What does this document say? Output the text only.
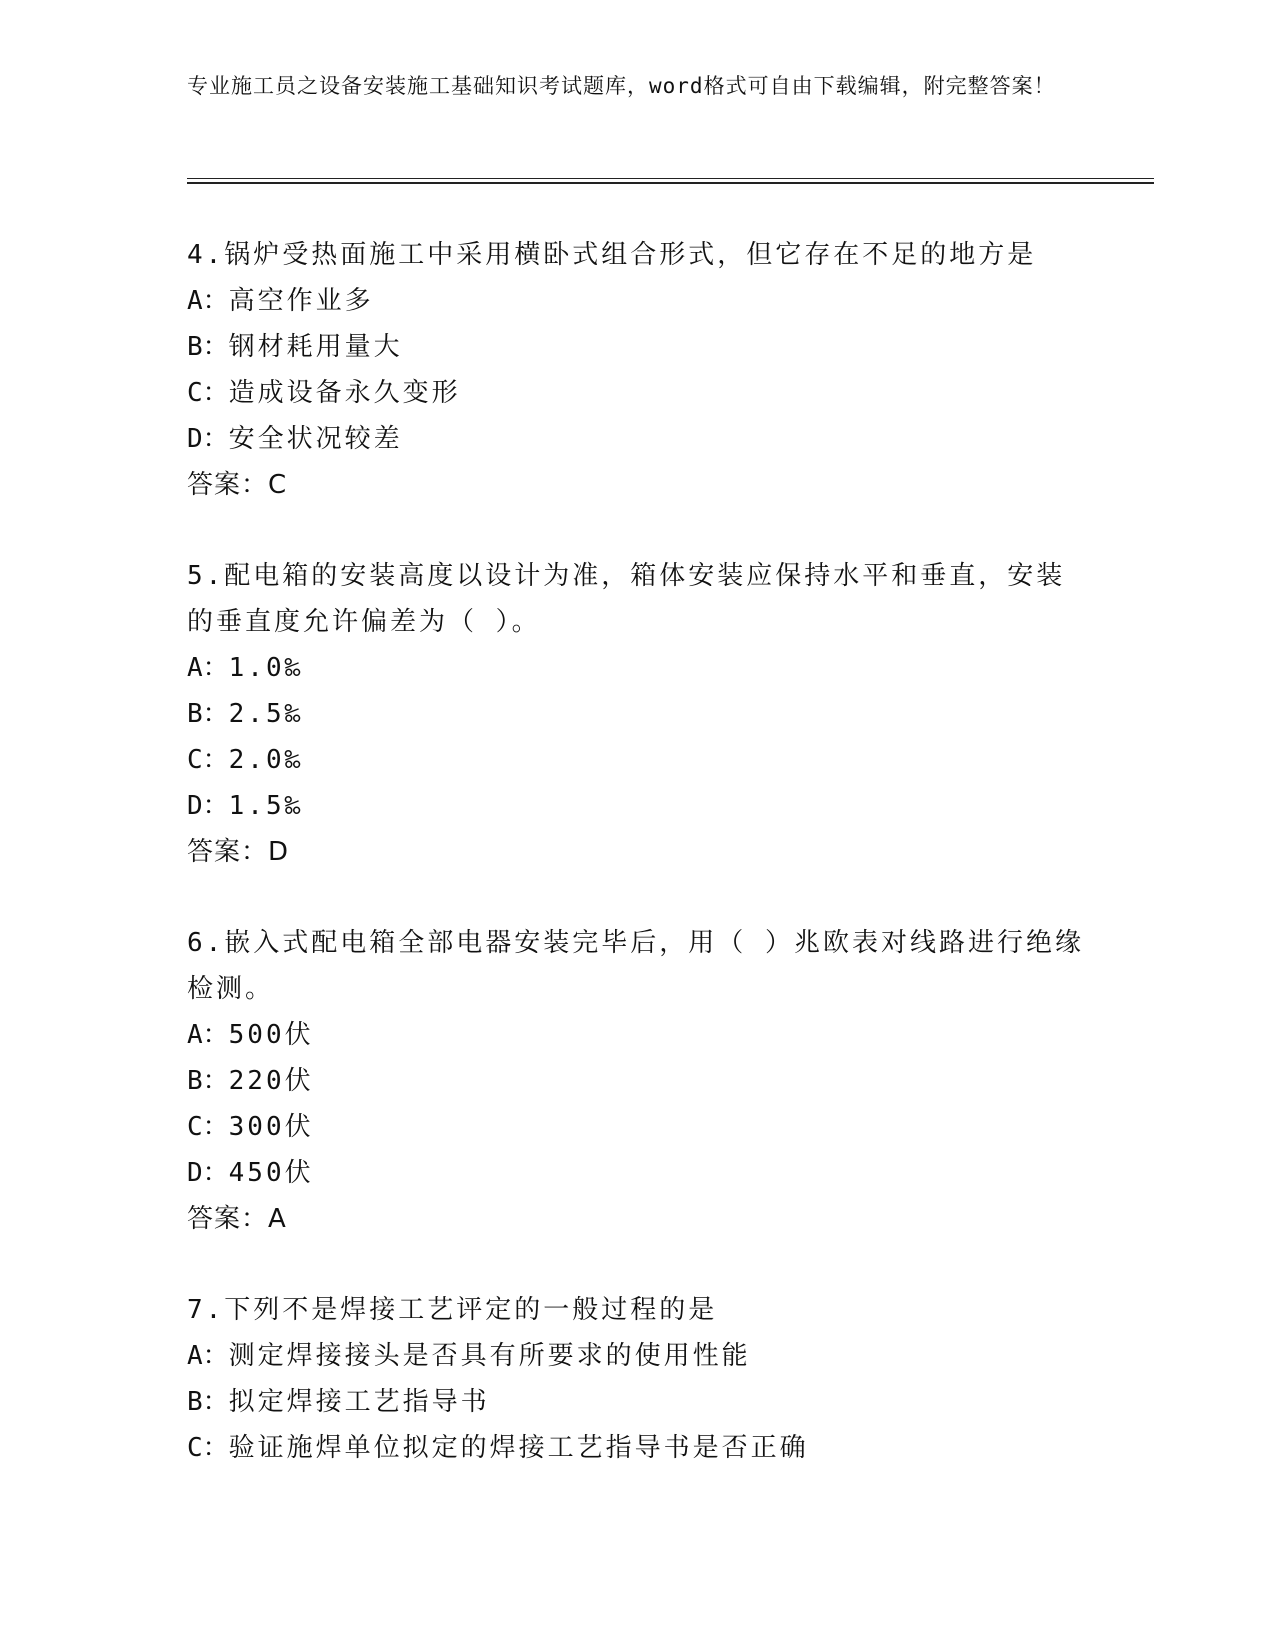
专业施工员之设备安装施工基础知识考试题库，word格式可自由下载编辑，附完整答案！
4.锅炉受热面施工中采用横卧式组合形式，但它存在不足的地方是
A：高空作业多
B：钢材耗用量大
C：造成设备永久变形
D：安全状况较差
答案：C
5.配电箱的安装高度以设计为准，箱体安装应保持水平和垂直，安装的垂直度允许偏差为（ ）。
A：1.0‰
B：2.5‰
C：2.0‰
D：1.5‰
答案：D
6.嵌入式配电箱全部电器安装完毕后，用（ ）兆欧表对线路进行绝缘检测。
A：500伏
B：220伏
C：300伏
D：450伏
答案：A
7.下列不是焊接工艺评定的一般过程的是
A：测定焊接接头是否具有所要求的使用性能
B：拟定焊接工艺指导书
C：验证施焊单位拟定的焊接工艺指导书是否正确
